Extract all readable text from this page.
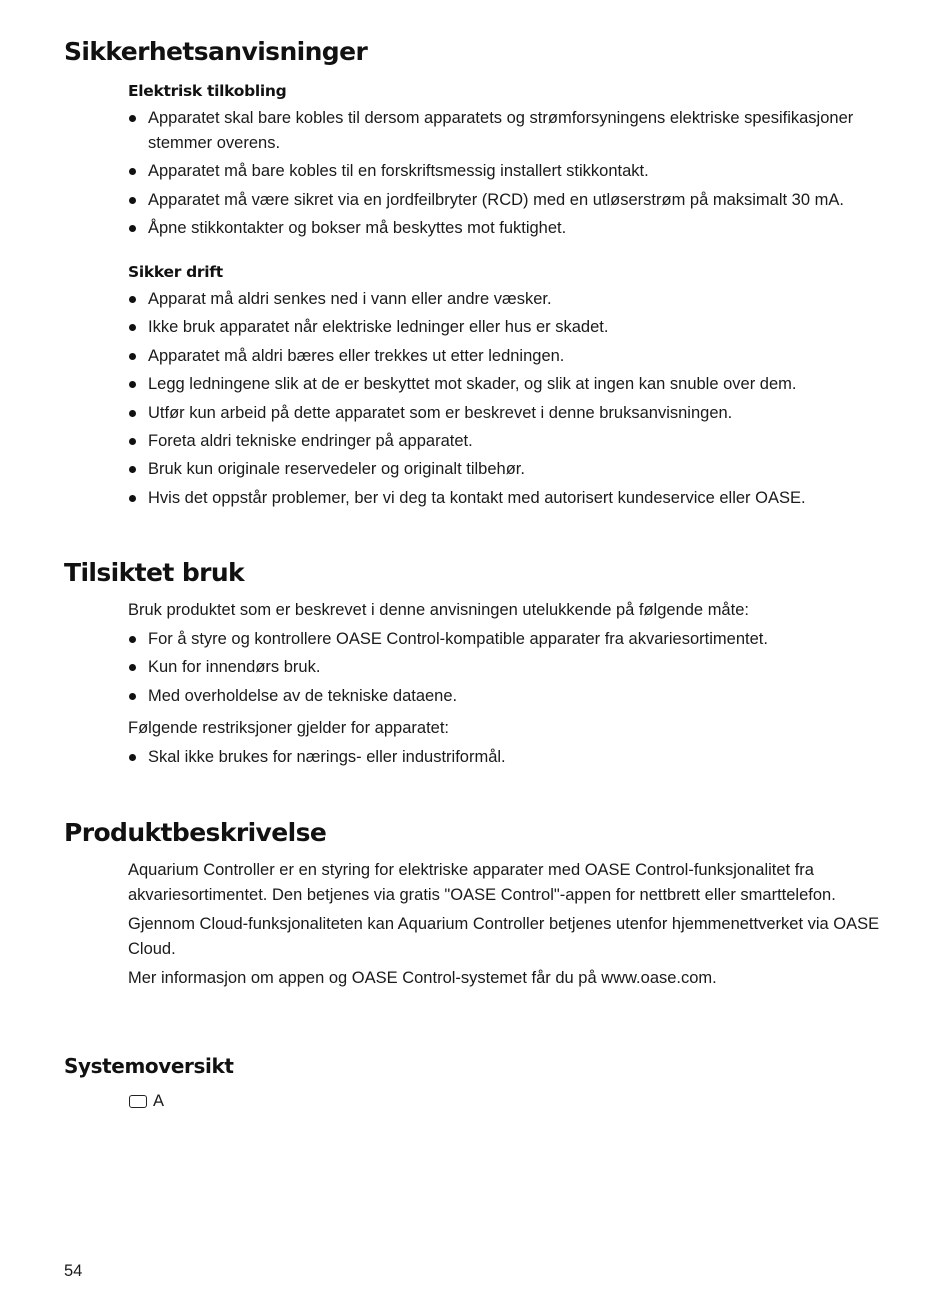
Sikkerhetsanvisninger
Elektrisk tilkobling
Apparatet skal bare kobles til dersom apparatets og strømforsyningens elektriske spesifikasjoner stemmer overens.
Apparatet må bare kobles til en forskriftsmessig installert stikkontakt.
Apparatet må være sikret via en jordfeilbryter (RCD) med en utløserstrøm på maksimalt 30 mA.
Åpne stikkontakter og bokser må beskyttes mot fuktighet.
Sikker drift
Apparat må aldri senkes ned i vann eller andre væsker.
Ikke bruk apparatet når elektriske ledninger eller hus er skadet.
Apparatet må aldri bæres eller trekkes ut etter ledningen.
Legg ledningene slik at de er beskyttet mot skader, og slik at ingen kan snuble over dem.
Utfør kun arbeid på dette apparatet som er beskrevet i denne bruksanvisningen.
Foreta aldri tekniske endringer på apparatet.
Bruk kun originale reservedeler og originalt tilbehør.
Hvis det oppstår problemer, ber vi deg ta kontakt med autorisert kundeservice eller OASE.
Tilsiktet bruk

Bruk produktet som er beskrevet i denne anvisningen utelukkende på følgende måte:

For å styre og kontrollere OASE Control-kompatible apparater fra akvariesortimentet.
Kun for innendørs bruk.
Med overholdelse av de tekniske dataene.

Følgende restriksjoner gjelder for apparatet:

Skal ikke brukes for nærings- eller industriformål.
Produktbeskrivelse

Aquarium Controller er en styring for elektriske apparater med OASE Control-funksjonalitet fra akvariesortimentet. Den betjenes via gratis "OASE Control"-appen for nettbrett eller smarttelefon.

Gjennom Cloud-funksjonaliteten kan Aquarium Controller betjenes utenfor hjemmenettverket via OASE Cloud.

Mer informasjon om appen og OASE Control-systemet får du på www.oase.com.

Systemoversikt
A
54
